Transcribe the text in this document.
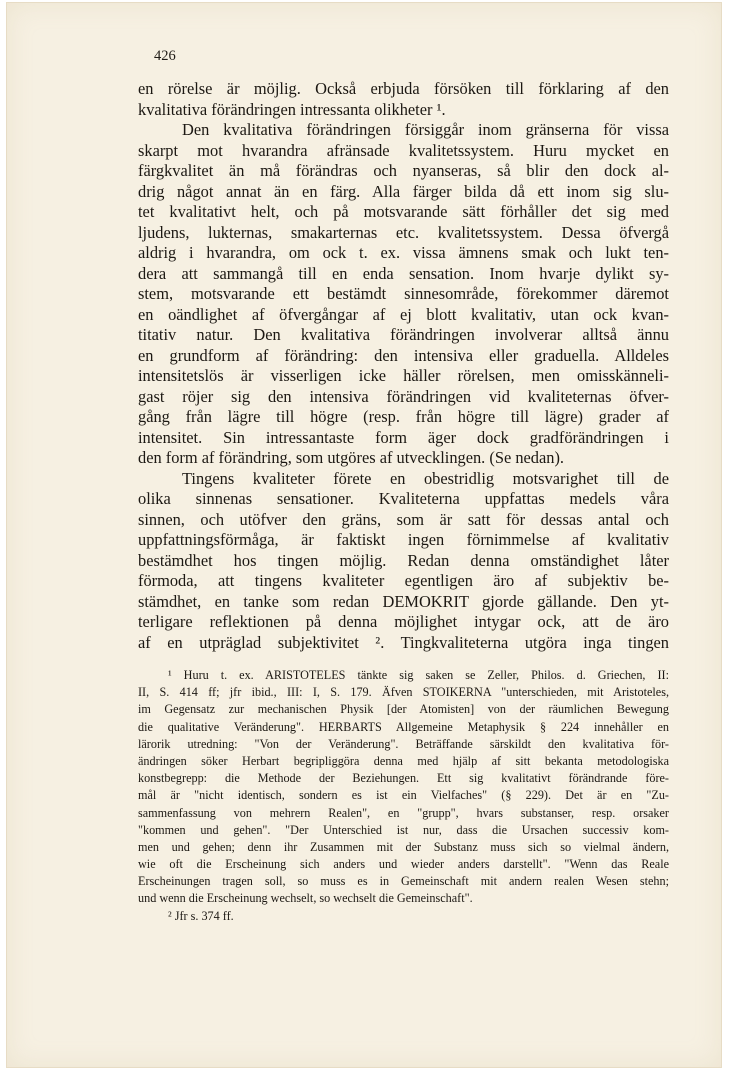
426
en rörelse är möjlig. Också erbjuda försöken till förklaring af den
kvalitativa förändringen intressanta olikheter ¹.
Den kvalitativa förändringen försiggår inom gränserna för vissa
skarpt mot hvarandra afränsade kvalitetssystem. Huru mycket en
färgkvalitet än må förändras och nyanseras, så blir den dock al-
drig något annat än en färg. Alla färger bilda då ett inom sig slu-
tet kvalitativt helt, och på motsvarande sätt förhåller det sig med
ljudens, lukternas, smakarternas etc. kvalitetssystem. Dessa öfvergå
aldrig i hvarandra, om ock t. ex. vissa ämnens smak och lukt ten-
dera att sammangå till en enda sensation. Inom hvarje dylikt sy-
stem, motsvarande ett bestämdt sinnesområde, förekommer däremot
en oändlighet af öfvergångar af ej blott kvalitativ, utan ock kvan-
titativ natur. Den kvalitativa förändringen involverar alltså ännu
en grundform af förändring: den intensiva eller graduella. Alldeles
intensitetslös är visserligen icke häller rörelsen, men omisskänneli-
gast röjer sig den intensiva förändringen vid kvaliteternas öfver-
gång från lägre till högre (resp. från högre till lägre) grader af
intensitet. Sin intressantaste form äger dock gradförändringen i
den form af förändring, som utgöres af utvecklingen. (Se nedan).
Tingens kvaliteter förete en obestridlig motsvarighet till de
olika sinnenas sensationer. Kvaliteterna uppfattas medels våra
sinnen, och utöfver den gräns, som är satt för dessas antal och
uppfattningsförmåga, är faktiskt ingen förnimmelse af kvalitativ
bestämdhet hos tingen möjlig. Redan denna omständighet låter
förmoda, att tingens kvaliteter egentligen äro af subjektiv be-
stämdhet, en tanke som redan DEMOKRIT gjorde gällande. Den yt-
terligare reflektionen på denna möjlighet intygar ock, att de äro
af en utpräglad subjektivitet ². Tingkvaliteterna utgöra inga tingen
¹ Huru t. ex. ARISTOTELES tänkte sig saken se Zeller, Philos. d. Griechen, II:
II, S. 414 ff; jfr ibid., III: I, S. 179. Äfven STOIKERNA "unterschieden, mit Aristoteles,
im Gegensatz zur mechanischen Physik [der Atomisten] von der räumlichen Bewegung
die qualitative Veränderung". HERBARTS Allgemeine Metaphysik § 224 innehåller en
lärorik utredning: "Von der Veränderung". Beträffande särskildt den kvalitativa för-
ändringen söker Herbart begripliggöra denna med hjälp af sitt bekanta metodologiska
konstbegrepp: die Methode der Beziehungen. Ett sig kvalitativt förändrande före-
mål är "nicht identisch, sondern es ist ein Vielfaches" (§ 229). Det är en "Zu-
sammenfassung von mehrern Realen", en "grupp", hvars substanser, resp. orsaker
"kommen und gehen". "Der Unterschied ist nur, dass die Ursachen successiv kom-
men und gehen; denn ihr Zusammen mit der Substanz muss sich so vielmal ändern,
wie oft die Erscheinung sich anders und wieder anders darstellt". "Wenn das Reale
Erscheinungen tragen soll, so muss es in Gemeinschaft mit andern realen Wesen stehn;
und wenn die Erscheinung wechselt, so wechselt die Gemeinschaft".
² Jfr s. 374 ff.
